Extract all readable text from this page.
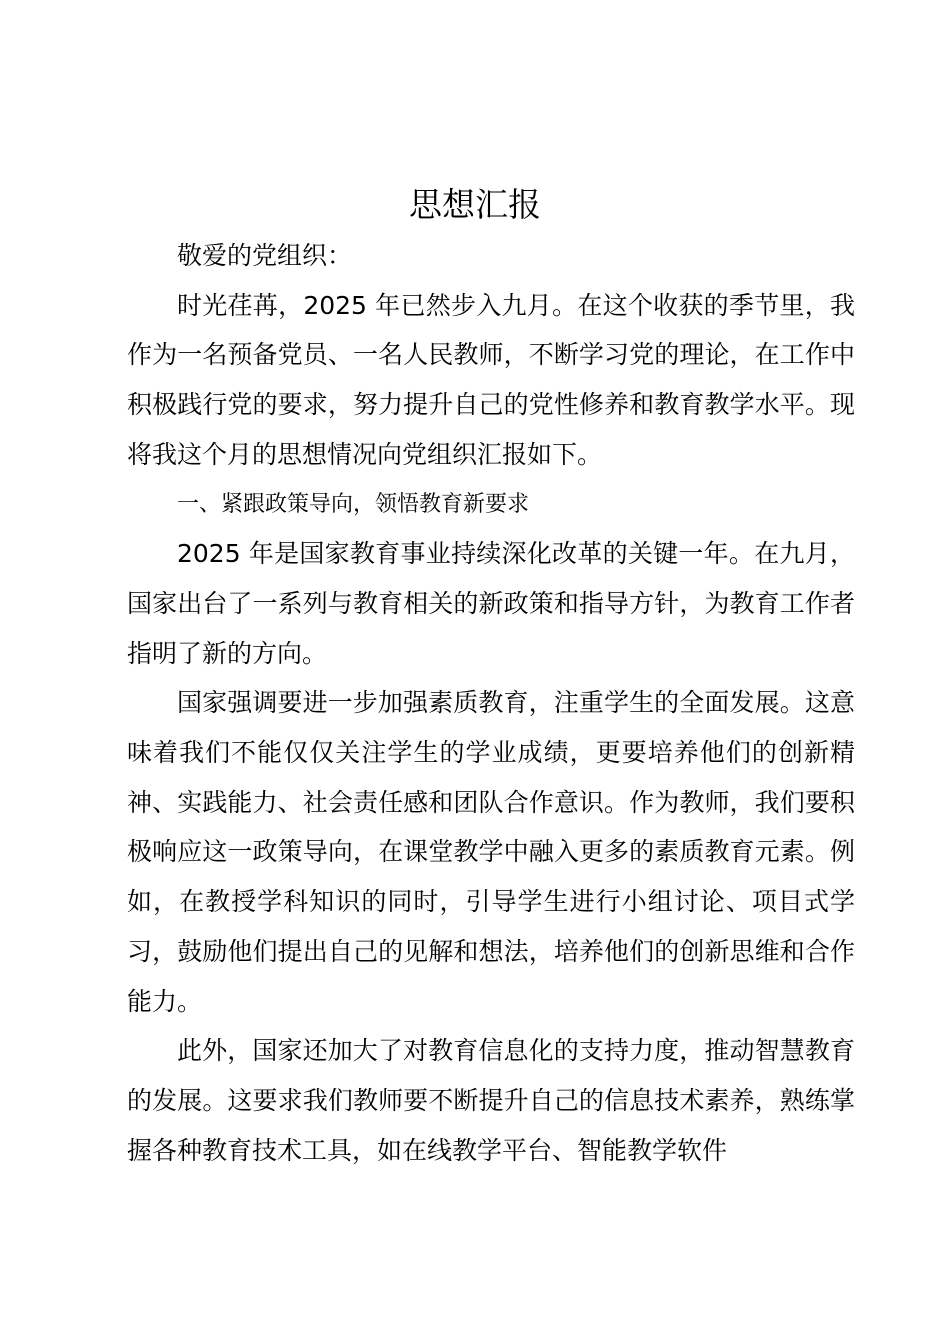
思想汇报

敬爱的党组织：

时光荏苒，2025 年已然步入九月。在这个收获的季节里，我作为一名预备党员、一名人民教师，不断学习党的理论，在工作中积极践行党的要求，努力提升自己的党性修养和教育教学水平。现将我这个月的思想情况向党组织汇报如下。

一、紧跟政策导向，领悟教育新要求

2025 年是国家教育事业持续深化改革的关键一年。在九月，国家出台了一系列与教育相关的新政策和指导方针，为教育工作者指明了新的方向。

国家强调要进一步加强素质教育，注重学生的全面发展。这意味着我们不能仅仅关注学生的学业成绩，更要培养他们的创新精神、实践能力、社会责任感和团队合作意识。作为教师，我们要积极响应这一政策导向，在课堂教学中融入更多的素质教育元素。例如，在教授学科知识的同时，引导学生进行小组讨论、项目式学习，鼓励他们提出自己的见解和想法，培养他们的创新思维和合作能力。

此外，国家还加大了对教育信息化的支持力度，推动智慧教育的发展。这要求我们教师要不断提升自己的信息技术素养，熟练掌握各种教育技术工具，如在线教学平台、智能教学软件
